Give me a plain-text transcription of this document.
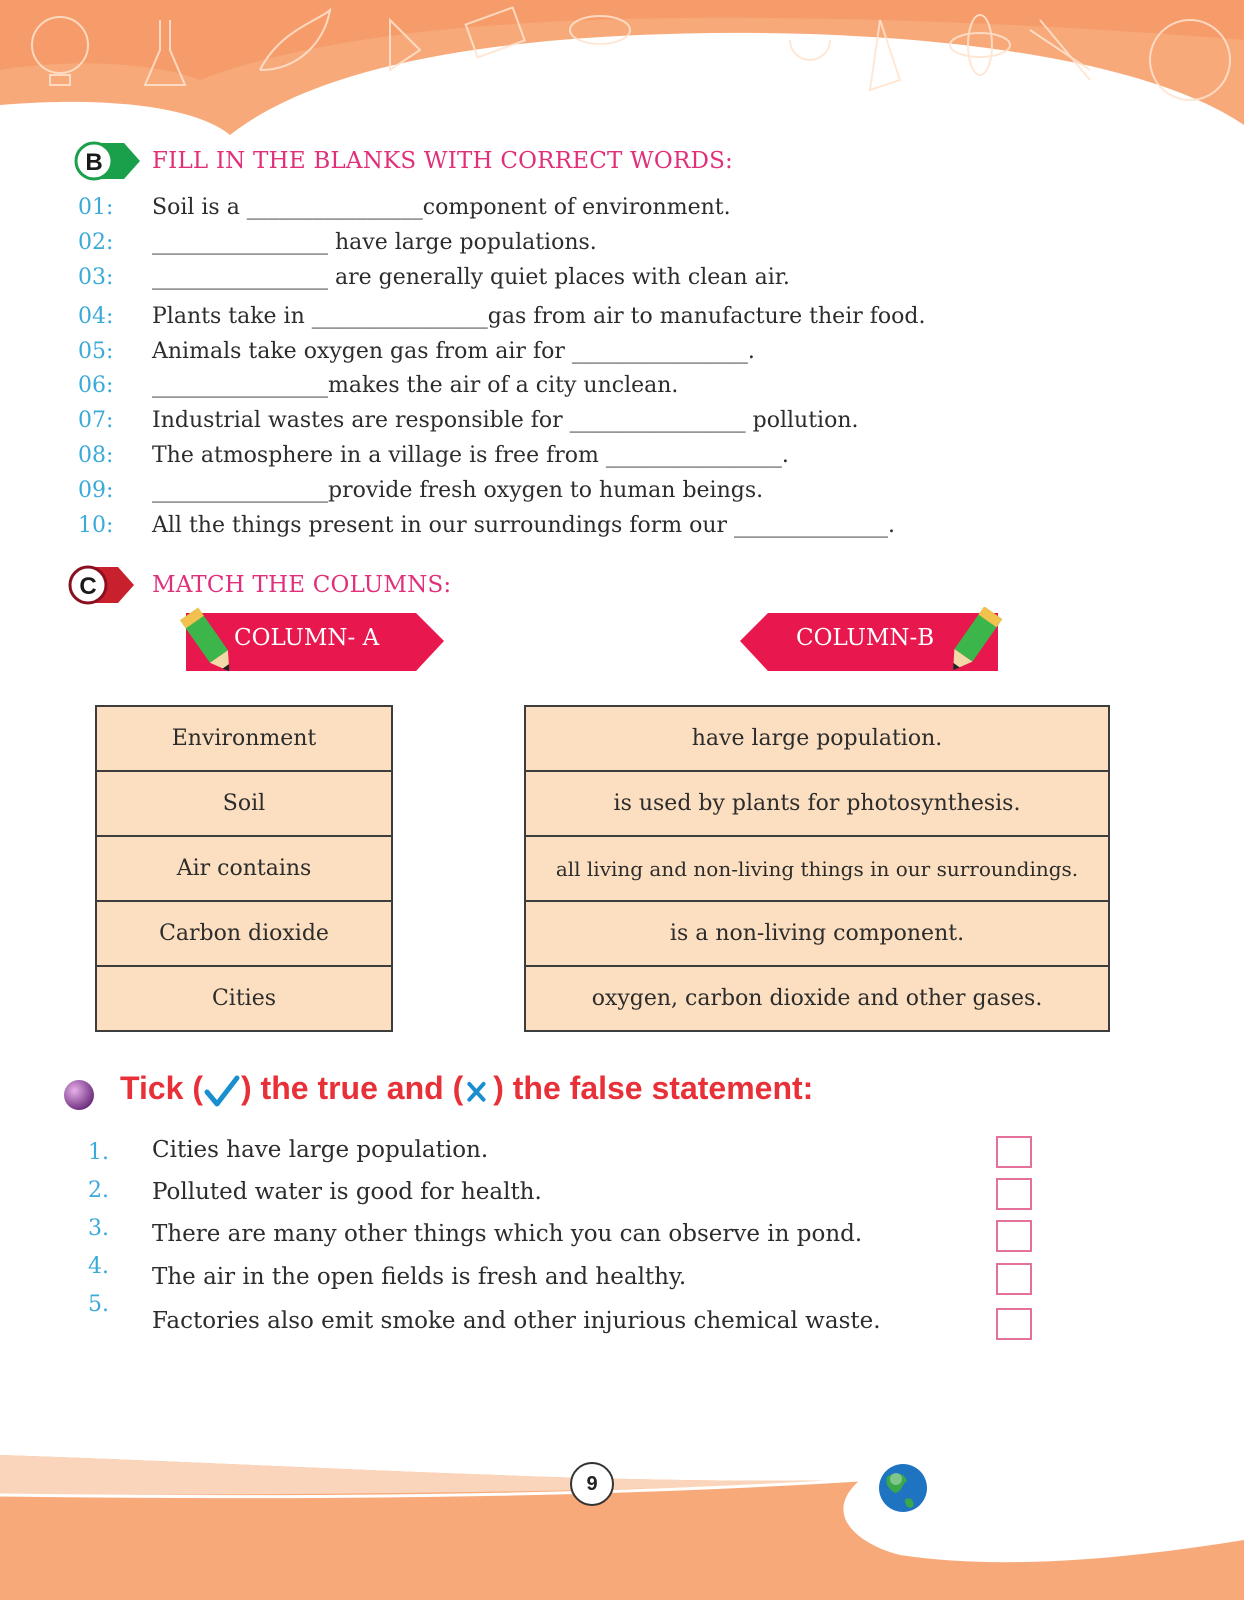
B FILL IN THE BLANKS WITH CORRECT WORDS:
01:	Soil is a ________________component of environment.
02:	________________ have large populations.
03:	________________ are generally quiet places with clean air.
04:	Plants take in ________________gas from air to manufacture their food.
05:	Animals take oxygen gas from air for ________________.
06:	________________makes the air of a city unclean.
07:	Industrial wastes are responsible for ________________ pollution.
08:	The atmosphere in a village is free from ________________.
09:	________________provide fresh oxygen to human beings.
10:	All the things present in our surroundings form our ______________.
C MATCH THE COLUMNS:
COLUMN- A	COLUMN-B
Environment
Soil
Air contains
Carbon dioxide
Cities
have large population.
is used by plants for photosynthesis.
all living and non-living things in our surroundings.
is a non-living component.
oxygen, carbon dioxide and other gases.
Tick ( ) the true and ( ) the false statement:
1. Cities have large population.
2. Polluted water is good for health.
3. There are many other things which you can observe in pond.
4. The air in the open fields is fresh and healthy.
5.
Factories also emit smoke and other injurious chemical waste.
9
